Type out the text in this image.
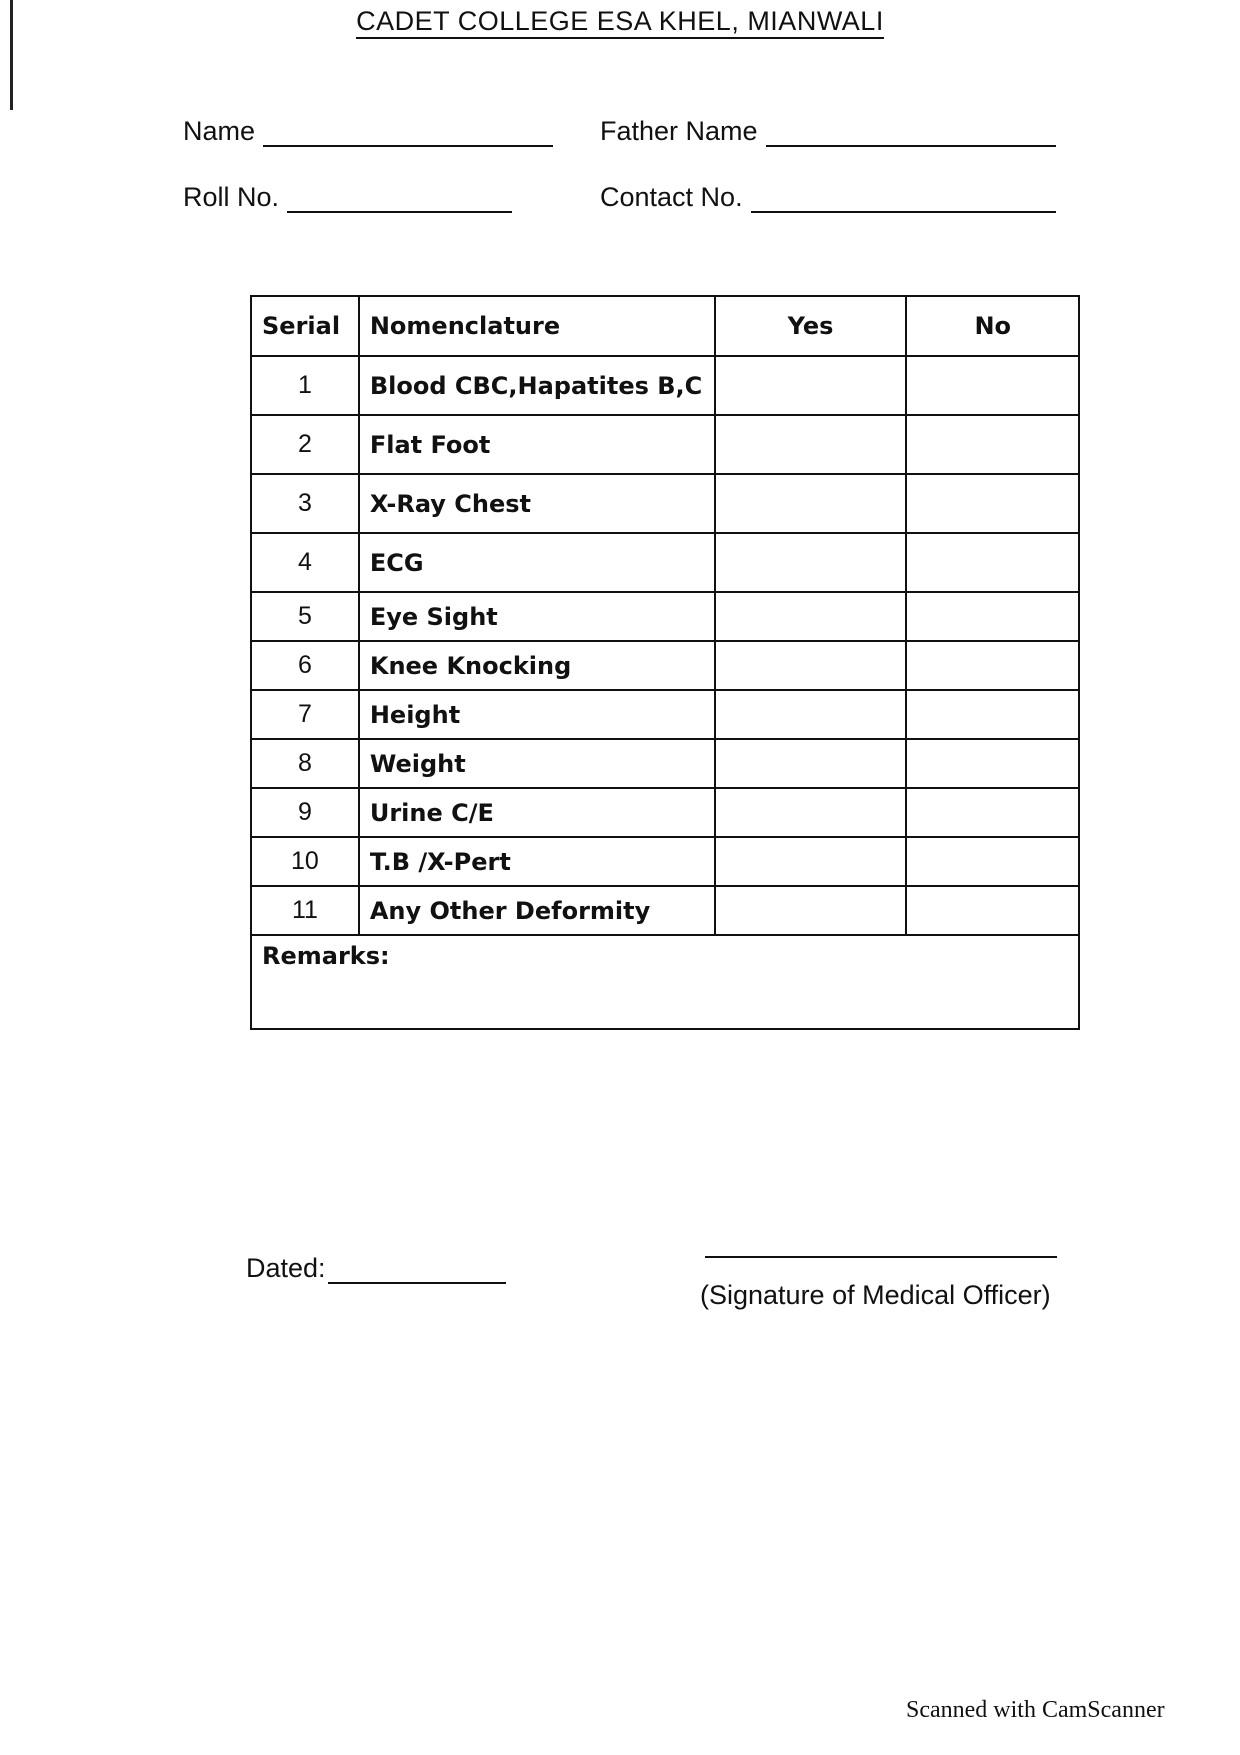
CADET COLLEGE ESA KHEL, MIANWALI
Name	Father Name
Roll No.	Contact No.
Serial	Nomenclature	Yes	No
1	Blood CBC,Hapatites B,C		
2	Flat Foot		
3	X-Ray Chest		
4	ECG		
5	Eye Sight		
6	Knee Knocking		
7	Height		
8	Weight		
9	Urine C/E		
10	T.B /X-Pert		
11	Any Other Deformity		
Remarks:			
Dated:
(Signature of Medical Officer)
Scanned with CamScanner
